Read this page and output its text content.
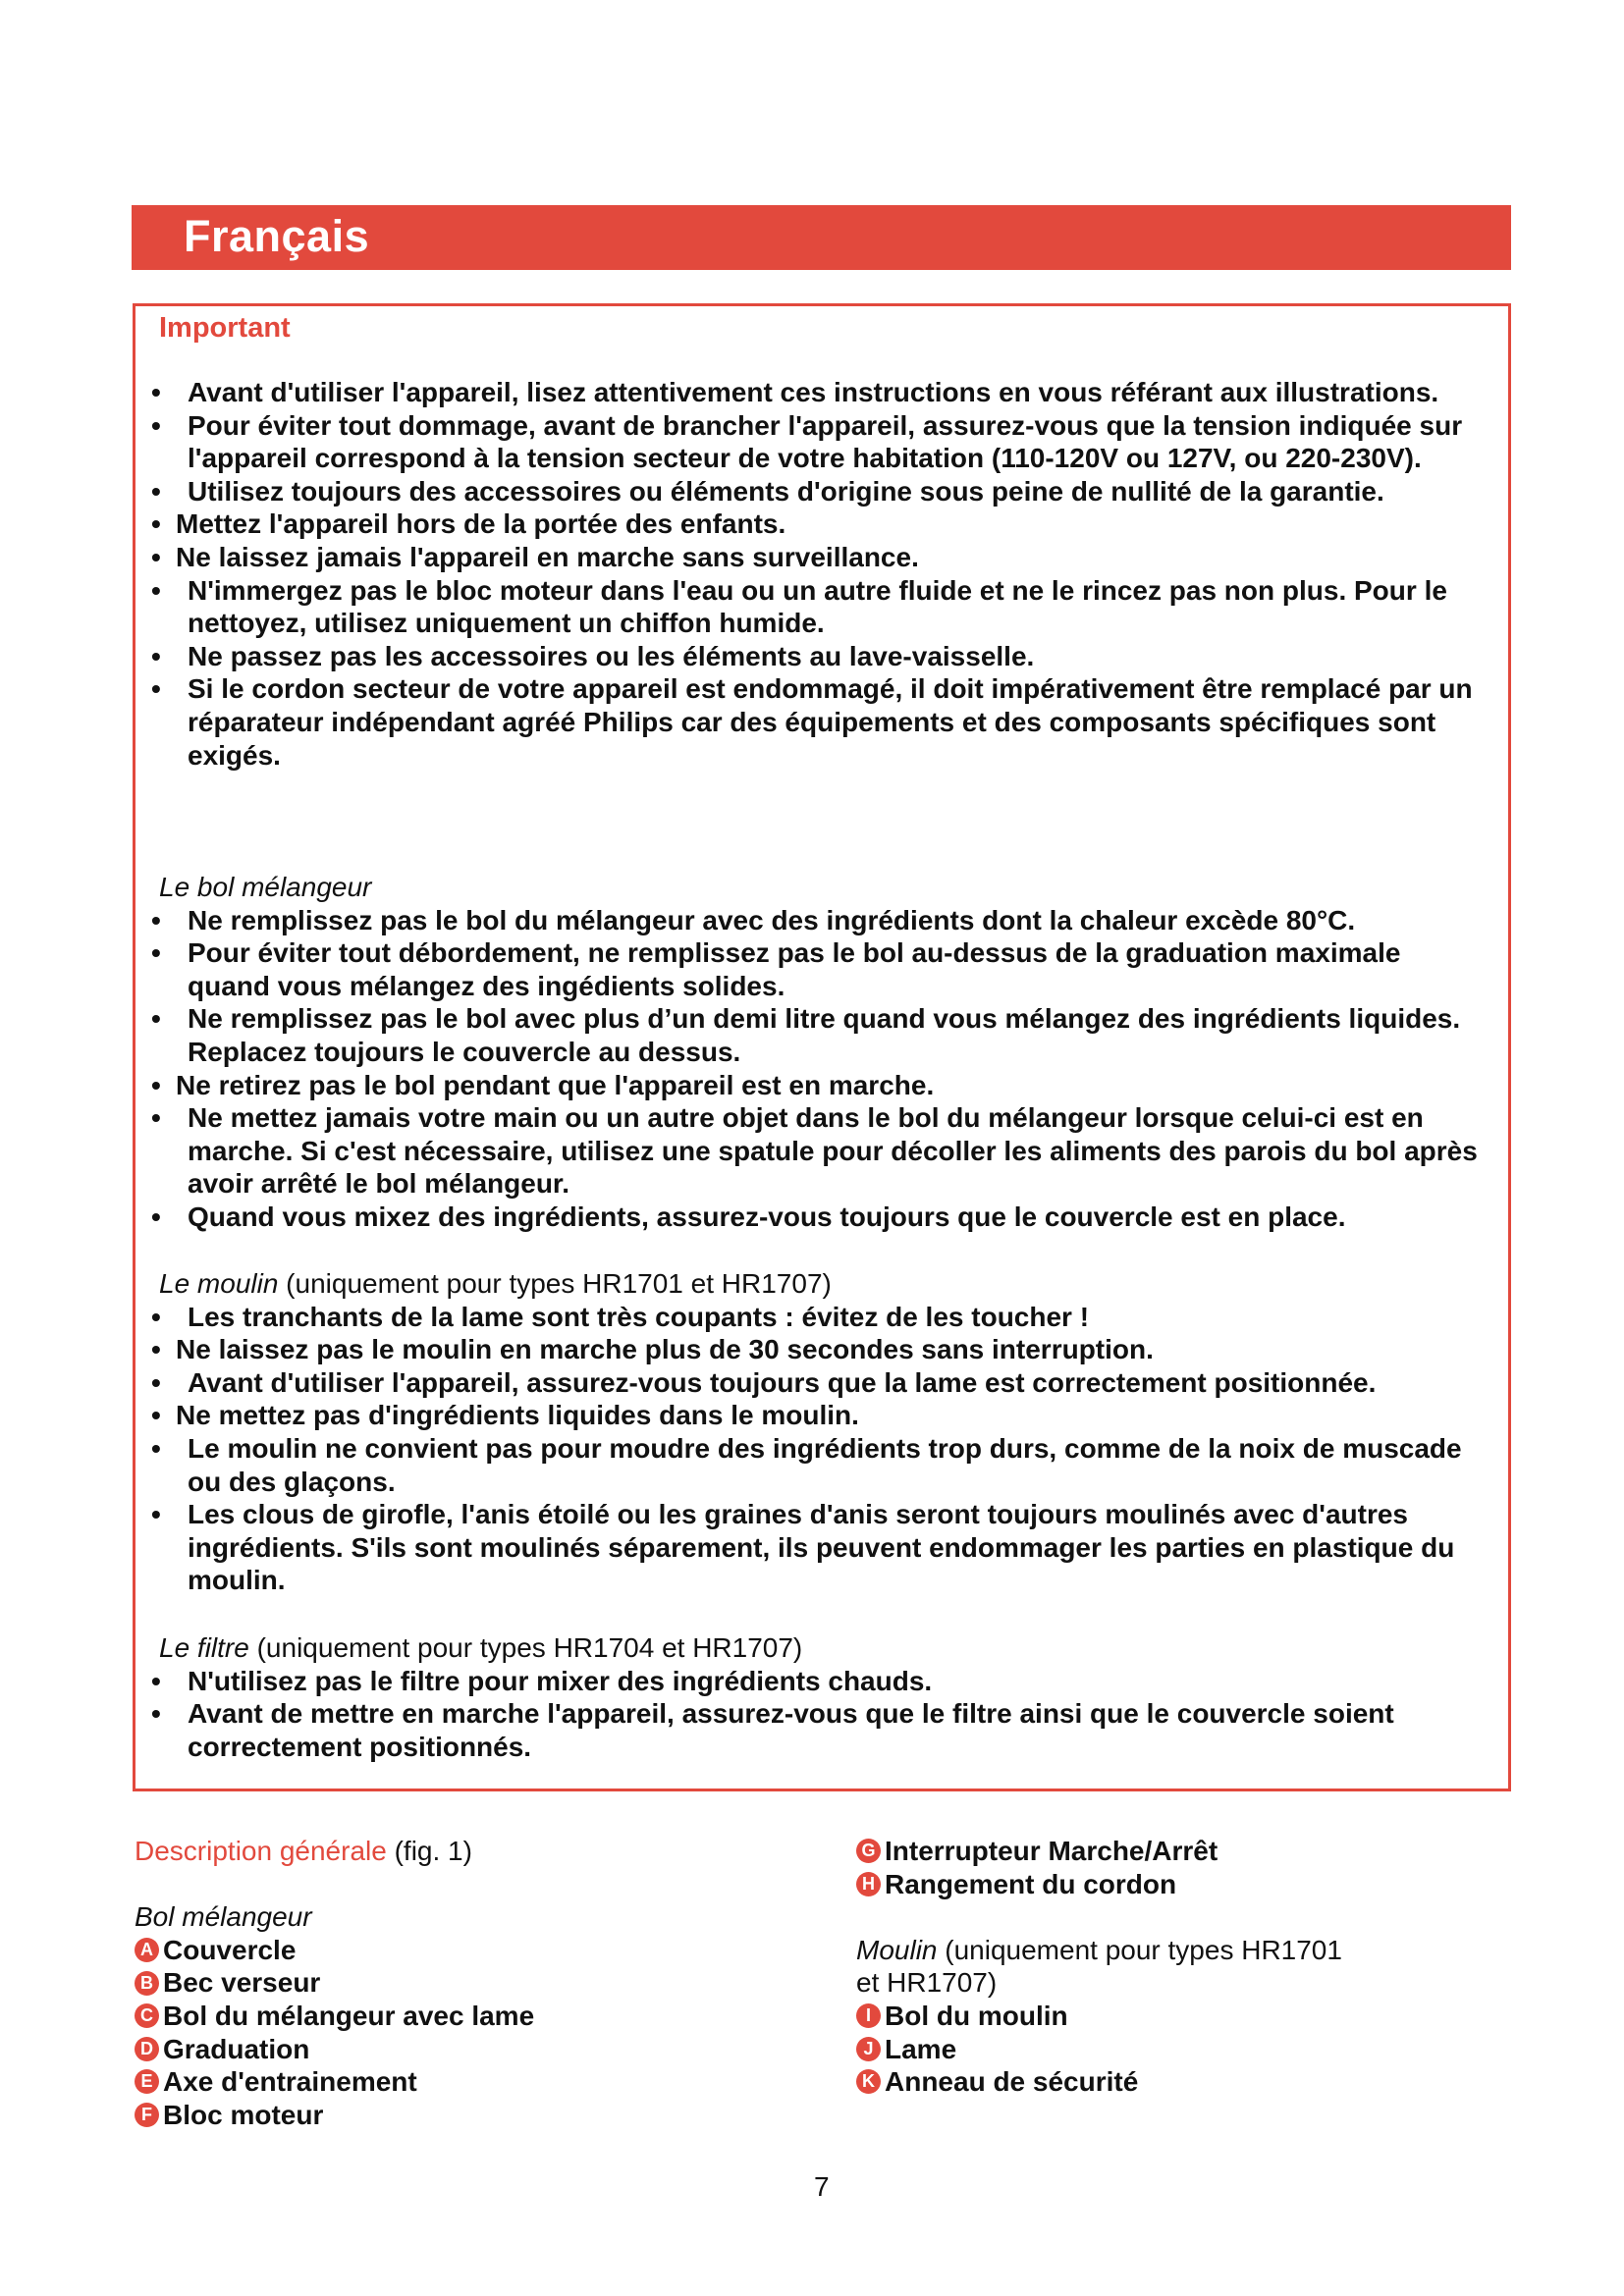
Français
Important
• Avant d'utiliser l'appareil, lisez attentivement ces instructions en vous référant aux illustrations.
• Pour éviter tout dommage, avant de brancher l'appareil, assurez-vous que la tension indiquée sur l'appareil correspond à la tension secteur de votre habitation (110-120V ou 127V, ou 220-230V).
• Utilisez toujours des accessoires ou éléments d'origine sous peine de nullité de la garantie.
• Mettez l'appareil hors de la portée des enfants.
• Ne laissez jamais l'appareil en marche sans surveillance.
• N'immergez pas le bloc moteur dans l'eau ou un autre fluide et ne le rincez pas non plus. Pour le nettoyez, utilisez uniquement un chiffon humide.
• Ne passez pas les accessoires ou les éléments au lave-vaisselle.
• Si le cordon secteur de votre appareil est endommagé, il doit impérativement être remplacé par un réparateur indépendant agréé Philips car des équipements et des composants spécifiques sont exigés.
Le bol mélangeur
• Ne remplissez pas le bol du mélangeur avec des ingrédients dont la chaleur excède 80°C.
• Pour éviter tout débordement, ne remplissez pas le bol au-dessus de la graduation maximale quand vous mélangez des ingédients solides.
• Ne remplissez pas le bol avec plus d’un demi litre quand vous mélangez des ingrédients liquides. Replacez toujours le couvercle au dessus.
• Ne retirez pas le bol pendant que l'appareil est en marche.
• Ne mettez jamais votre main ou un autre objet dans le bol du mélangeur lorsque celui-ci est en marche. Si c'est nécessaire, utilisez une spatule pour décoller les aliments des parois du bol après avoir arrêté le bol mélangeur.
• Quand vous mixez des ingrédients, assurez-vous toujours que le couvercle est en place.
Le moulin (uniquement pour types HR1701 et HR1707)
• Les tranchants de la lame sont très coupants : évitez de les toucher !
• Ne laissez pas le moulin en marche plus de 30 secondes sans interruption.
• Avant d'utiliser l'appareil, assurez-vous toujours que la lame est correctement positionnée.
• Ne mettez pas d'ingrédients liquides dans le moulin.
• Le moulin ne convient pas pour moudre des ingrédients trop durs, comme de la noix de muscade ou des glaçons.
• Les clous de girofle, l'anis étoilé ou les graines d'anis seront toujours moulinés avec d'autres ingrédients. S'ils sont moulinés séparement, ils peuvent endommager les parties en plastique du moulin.
Le filtre (uniquement pour types HR1704 et HR1707)
• N'utilisez pas le filtre pour mixer des ingrédients chauds.
• Avant de mettre en marche l'appareil, assurez-vous que le filtre ainsi que le couvercle soient correctement positionnés.
Description générale (fig. 1)
Bol mélangeur
A Couvercle
B Bec verseur
C Bol du mélangeur avec lame
D Graduation
E Axe d'entrainement
F Bloc moteur
G Interrupteur Marche/Arrêt
H Rangement du cordon
Moulin (uniquement pour types HR1701
et HR1707)
I Bol du moulin
J Lame
K Anneau de sécurité
7
